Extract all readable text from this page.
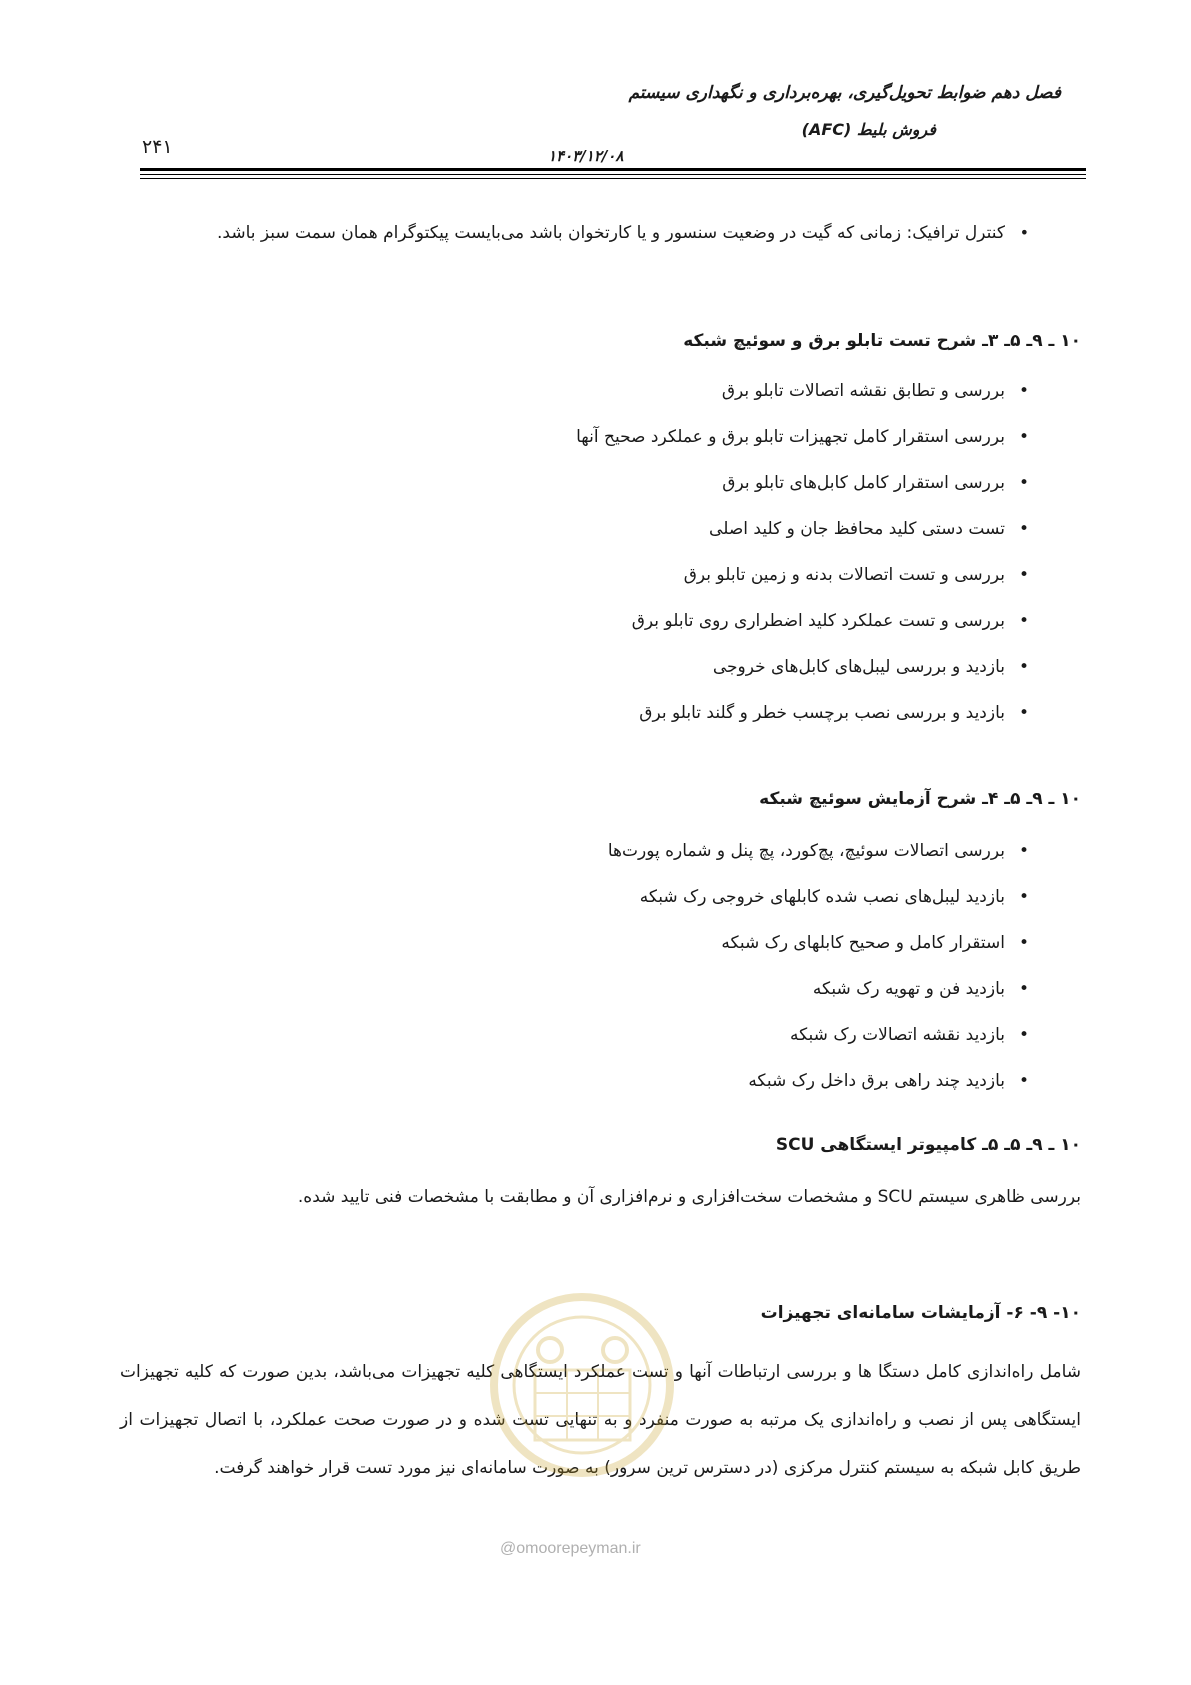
فصل دهم ضوابط تحویل‌گیری، بهره‌برداری و نگهداری سیستم
فروش بلیط (AFC)
۱۴۰۳/۱۲/۰۸
۲۴۱
• کنترل ترافیک: زمانی که گیت در وضعیت سنسور و یا کارتخوان باشد می‌بایست پیکتوگرام همان سمت سبز باشد.
۱۰ ـ ۹ـ ۵ـ ۳ـ شرح تست تابلو برق و سوئیچ شبکه
• بررسی و تطابق نقشه اتصالات تابلو برق
• بررسی استقرار کامل تجهیزات تابلو برق و عملکرد صحیح آنها
• بررسی استقرار کامل کابل‌های تابلو برق
• تست دستی کلید محافظ جان و کلید اصلی
• بررسی و تست اتصالات بدنه و زمین تابلو برق
• بررسی و تست عملکرد کلید اضطراری روی تابلو برق
• بازدید و بررسی لیبل‌های کابل‌های خروجی
• بازدید و بررسی نصب برچسب خطر و گلند تابلو برق
۱۰ ـ ۹ـ ۵ـ ۴ـ شرح آزمایش سوئیچ شبکه
• بررسی اتصالات سوئیچ، پچ‌کورد، پچ پنل و شماره پورت‌ها
• بازدید لیبل‌های نصب شده کابلهای خروجی رک شبکه
• استقرار کامل و صحیح کابلهای رک شبکه
• بازدید فن و تهویه رک شبکه
• بازدید نقشه اتصالات رک شبکه
• بازدید چند راهی برق داخل رک شبکه
۱۰ ـ ۹ـ ۵ـ ۵ـ کامپیوتر ایستگاهی SCU
بررسی ظاهری سیستم SCU و مشخصات سخت‌افزاری و نرم‌افزاری آن و مطابقت با مشخصات فنی تایید شده.
۱۰- ۹- ۶- آزمایشات سامانه‌ای تجهیزات
شامل راه‌اندازی کامل دستگا ها و بررسی ارتباطات آنها و تست عملکرد ایستگاهی کلیه تجهیزات می‌باشد، بدین صورت که کلیه تجهیزات ایستگاهی پس از نصب و راه‌اندازی یک مرتبه به صورت منفرد و به تنهایی تست شده و در صورت صحت عملکرد، با اتصال تجهیزات از طریق کابل شبکه به سیستم کنترل مرکزی (در دسترس ترین سرور) به صورت سامانه‌ای نیز مورد تست قرار خواهند گرفت.
@omoorepeyman.ir
